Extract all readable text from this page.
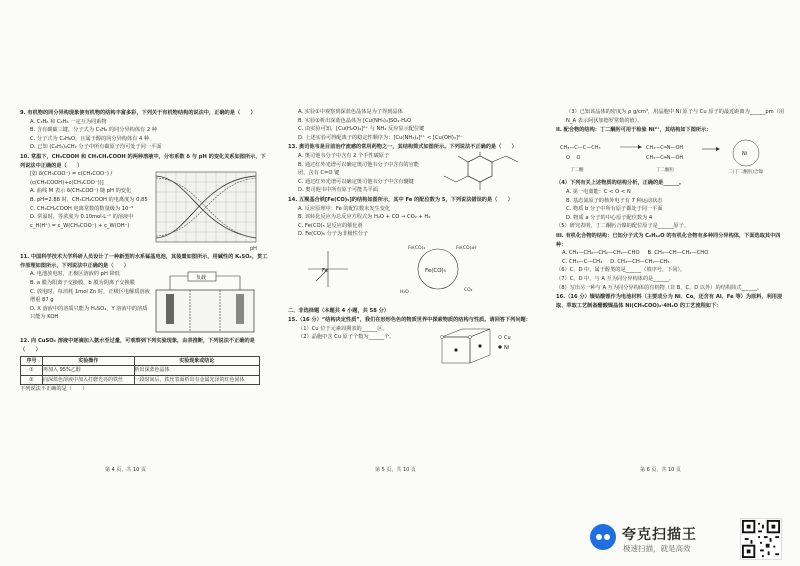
9. 有机物的同分异构现象使有机物的结构丰富多彩，下列关于有机物结构的说法中，正确的是（　　）
A. C₃H₆ 和 C₄H₈ 一定互为同系物
B. 含有碳碳三键，分子式为 C₅H₈ 的同分异构体有 2 种
C. 分子式为 C₂H₆O，且属于醇的同分异构体有 4 种
D. 已知 (C₆H₅)₂CH₂ 分子中所有碳原子均可处于同一平面
10. 常温下，CH₃COOH 和 CH₃CH₂COOH 的两种溶液中，分布系数 δ 与 pH 的变化关系如图所示，下列说法中正确的是（　　）
[如 δ(CH₃COO⁻) = c(CH₃COO⁻) / (c(CH₃COOH)+c(CH₃COO⁻))]
A. 曲线 M 表示 δ(CH₃COO⁻) 随 pH 的变化
B. pH=2.88 时，CH₃CH₂COOH 的电离度为 0.85
C. CH₃CH₂COOH 电离常数的数量级为 10⁻⁵
D. 常温时，等浓度为 0.10mol·L⁻¹ 的溶液中 c_H(H⁺) = c_W(CH₃COO⁻) + c_W(OH⁻)
pH
11. 中国科学技术大学科研人员设计了一种新型的水系锰基电池，其装置如图所示，用碱性的 K₂SO₄，贯工作原理如图所示，下列说法中正确的是（　　）
A. 电池放电时，正极区溶液的 pH 降低
B. a 膜为阳离子交换膜，b 膜为阴离子交换膜
C. 放电时，每消耗 1mol Zn 时，正极区电解质溶液增重 87 g
D. X 溶液中的溶质只能为 H₂SO₄，Y 溶液中的溶质只能为 KOH
负载
12. 向 CuSO₄ 溶液中逐滴加入氨水至过量，可观察到下列实验现象，由表推断，下列说法不正确的是（　　）
序号	实验操作	实验现象或结论
①	再加入 95%乙醇	析出深蓝色晶体
②	向深蓝色溶液中加入打磨光亮的铁丝	一段时间后，铁丝表面析出有金属光泽的红色固体
下列说法不正确的是（　　）
A. 实验①中观察到深蓝色晶体是为了得到晶体
B. 实验①析出深蓝色晶体为 [Cu(NH₃)₄]SO₄·H₂O
C. 由实验可知，[Cu(H₂O)₄]²⁺ 与 NH₃ 反应显示配位键
D. 上述实验可得配离子的稳定性顺序为：[Cu(NH₃)₄]²⁺ < [Cu(OH)₄]²⁻
13. 奥司他韦是目前治疗流感的常用药物之一，其结构简式如图所示。下列说法不正确的是（　　）
A. 奥司他韦分子中含有 2 个手性碳原子
B. 通过红外光谱可以确定奥司他韦分子中含有的官能团，含有 C=O 键
C. 通过红外光谱可以确定奥司他韦分子中含有醚键
D. 奥司他韦中所有原子可能共平面
14. 五羰基合铁[Fe(CO)₅]的结构如图所示，其中 Fe 的配位数为 5，下列说法错误的是（　　）
A. 反应原理中：Fe 的配位数未发生变化
B. 该转化反应为总反应方程式为 H₂O + CO → CO₂ + H₂
C. Fe(CO)₅ 是反应的催化剂
D. Fe(CO)₅ 分子为非极性分子
Fe	Fe(CO)₅
Fe(CO)₄	Fe(CO)₄H
CO₂
H₂O
二、非选择题（本题共 4 小题，共 58 分）
15.（16 分）“结构决定性质”，我们在形形色色的物质世界中探索物质的结构与性质。请回答下列问题：
（1）Cu 位于元素周期表的______区。
（2）晶胞中含 Cu 原子个数为______个。	Cu
Ni
（3）已知该晶体的密度为 ρ g/cm³，用晶胞中 Ni 原子与 Cu 原子的最近距离为______pm（用 N_A 表示阿伏加德罗常数的值）。
II. 配合物的结构：丁二酮肟可用于检验 Ni²⁺，其结构如下图所示：
CH₃—C—C—CH₃
O　 O
CH₃—C═N—OH
CH₃—C═N—OH
Ni
丁二酮	丁二酮肟	二(丁二酮肟)合镍
（4）下列有关上述物质的结构分析，正确的是______。
A. 第一电离能：C < O < N
B. 基态氮原子的核外电子有 7 种运动状态
C. 物质 b 分子中所有原子都处于同一平面
D. 物质 a 分子的中心原子配位数为 4
（5）研究表明，丁二酮肟合镍的配位原子是______原子。
III. 有机化合物的结构：已知分子式为 C₆H₁₂O 的有机化合物有多种同分异构体，下面选取其中四种：
A. CH₃—CH₂—CH₂—CH₂—CHO B. CH₃—CH—CH₂—CHO
C. CH₃—C—CH₃ D. CH₃—CH—CH₂—CH₃
（6）C、D 中，属于醇类的是______（填序号，下同）。
（7）C、D 中，与 A 互为同分异构体的是______。
（8）写出另一种与 A 互为同分异构体的有机物（非 B、C、D 以外）的结构简式______。
16.（16 分）镍钴酸锂作为电池材料（主要成分为 Ni、Co，还含有 Al、Fe 等）为原料，利用浸取、萃取工艺制备醋酸镍晶体 Ni(CH₃COO)₂·4H₂O 的工艺流程如下：
第 4 页，共 10 页	第 5 页，共 10 页	第 6 页，共 10 页
夸克扫描王
极速扫描，就是高效
